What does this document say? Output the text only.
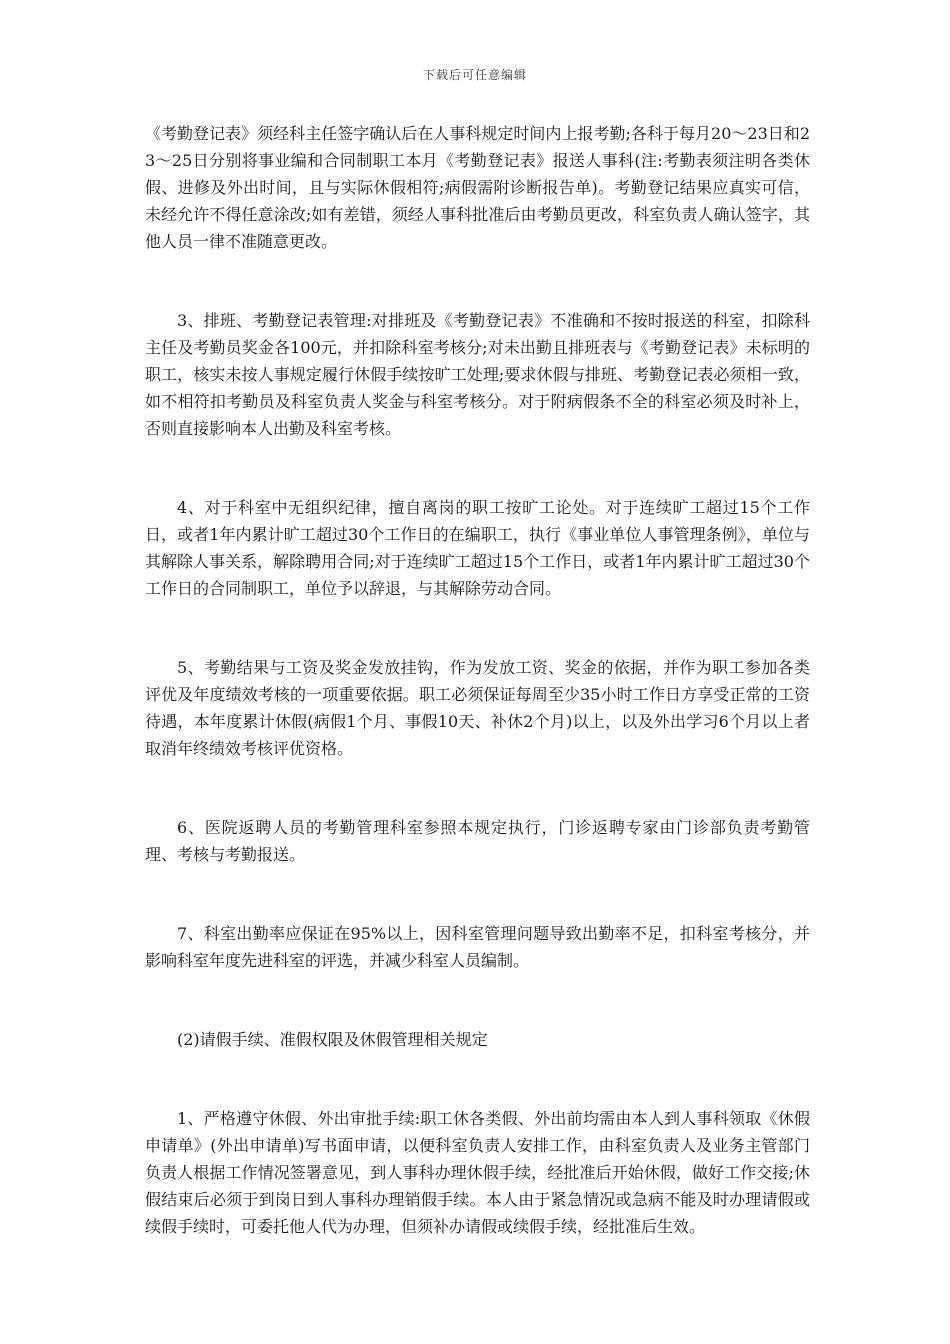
下载后可任意编辑

《考勤登记表》须经科主任签字确认后在人事科规定时间内上报考勤;各科于每月20～23日和23～25日分别将事业编和合同制职工本月《考勤登记表》报送人事科(注:考勤表须注明各类休假、进修及外出时间，且与实际休假相符;病假需附诊断报告单)。考勤登记结果应真实可信，未经允许不得任意涂改;如有差错，须经人事科批准后由考勤员更改，科室负责人确认签字，其他人员一律不准随意更改。

3、排班、考勤登记表管理:对排班及《考勤登记表》不准确和不按时报送的科室，扣除科主任及考勤员奖金各100元，并扣除科室考核分;对未出勤且排班表与《考勤登记表》未标明的职工，核实未按人事规定履行休假手续按旷工处理;要求休假与排班、考勤登记表必须相一致，如不相符扣考勤员及科室负责人奖金与科室考核分。对于附病假条不全的科室必须及时补上，否则直接影响本人出勤及科室考核。

4、对于科室中无组织纪律，擅自离岗的职工按旷工论处。对于连续旷工超过15个工作日，或者1年内累计旷工超过30个工作日的在编职工，执行《事业单位人事管理条例》，单位与其解除人事关系，解除聘用合同;对于连续旷工超过15个工作日，或者1年内累计旷工超过30个工作日的合同制职工，单位予以辞退，与其解除劳动合同。

5、考勤结果与工资及奖金发放挂钩，作为发放工资、奖金的依据，并作为职工参加各类评优及年度绩效考核的一项重要依据。职工必须保证每周至少35小时工作日方享受正常的工资待遇，本年度累计休假(病假1个月、事假10天、补休2个月)以上，以及外出学习6个月以上者取消年终绩效考核评优资格。

6、医院返聘人员的考勤管理科室参照本规定执行，门诊返聘专家由门诊部负责考勤管理、考核与考勤报送。

7、科室出勤率应保证在95%以上，因科室管理问题导致出勤率不足，扣科室考核分，并影响科室年度先进科室的评选，并减少科室人员编制。

(2)请假手续、准假权限及休假管理相关规定

1、严格遵守休假、外出审批手续:职工休各类假、外出前均需由本人到人事科领取《休假申请单》(外出申请单)写书面申请，以便科室负责人安排工作，由科室负责人及业务主管部门负责人根据工作情况签署意见，到人事科办理休假手续，经批准后开始休假，做好工作交接;休假结束后必须于到岗日到人事科办理销假手续。本人由于紧急情况或急病不能及时办理请假或续假手续时，可委托他人代为办理，但须补办请假或续假手续，经批准后生效。
